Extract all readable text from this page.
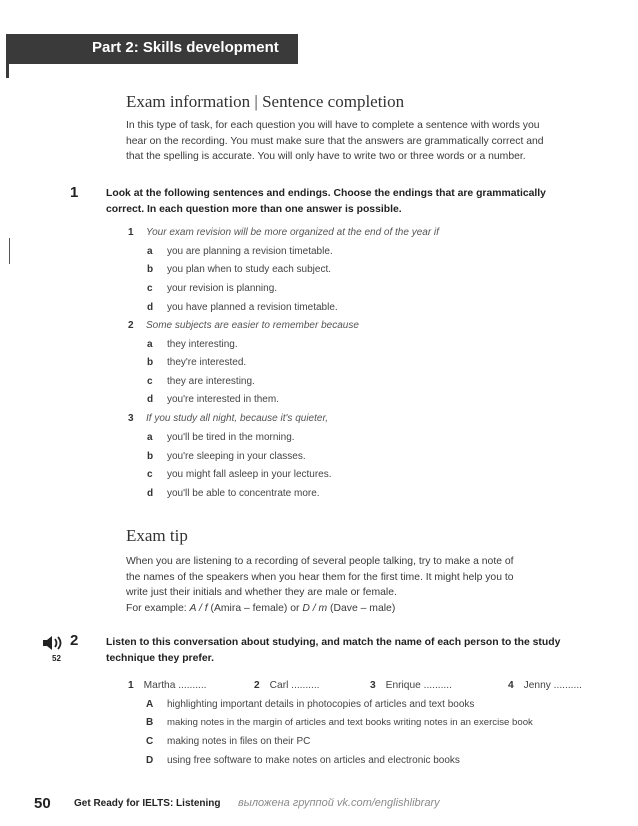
Part 2: Skills development
Exam information | Sentence completion
In this type of task, for each question you will have to complete a sentence with words you
hear on the recording. You must make sure that the answers are grammatically correct and
that the spelling is accurate. You will only have to write two or three words or a number.
1	Look at the following sentences and endings. Choose the endings that are grammatically
correct. In each question more than one answer is possible.
1 Your exam revision will be more organized at the end of the year if
a you are planning a revision timetable.
b you plan when to study each subject.
c your revision is planning.
d you have planned a revision timetable.
2 Some subjects are easier to remember because
a they interesting.
b they're interested.
c they are interesting.
d you're interested in them.
3 If you study all night, because it's quieter,
a you'll be tired in the morning.
b you're sleeping in your classes.
c you might fall asleep in your lectures.
d you'll be able to concentrate more.
Exam tip
When you are listening to a recording of several people talking, try to make a note of
the names of the speakers when you hear them for the first time. It might help you to
write just their initials and whether they are male or female.
For example: A / f (Amira – female) or D / m (Dave – male)
52
2	Listen to this conversation about studying, and match the name of each person to the study
technique they prefer.
1 Martha ..........	2 Carl ..........	3 Enrique ..........	4 Jenny ..........
A highlighting important details in photocopies of articles and text books
B making notes in the margin of articles and text books writing notes in an exercise book
C making notes in files on their PC
D using free software to make notes on articles and electronic books
50 Get Ready for IELTS: Listening выложена группой vk.com/englishlibrary
